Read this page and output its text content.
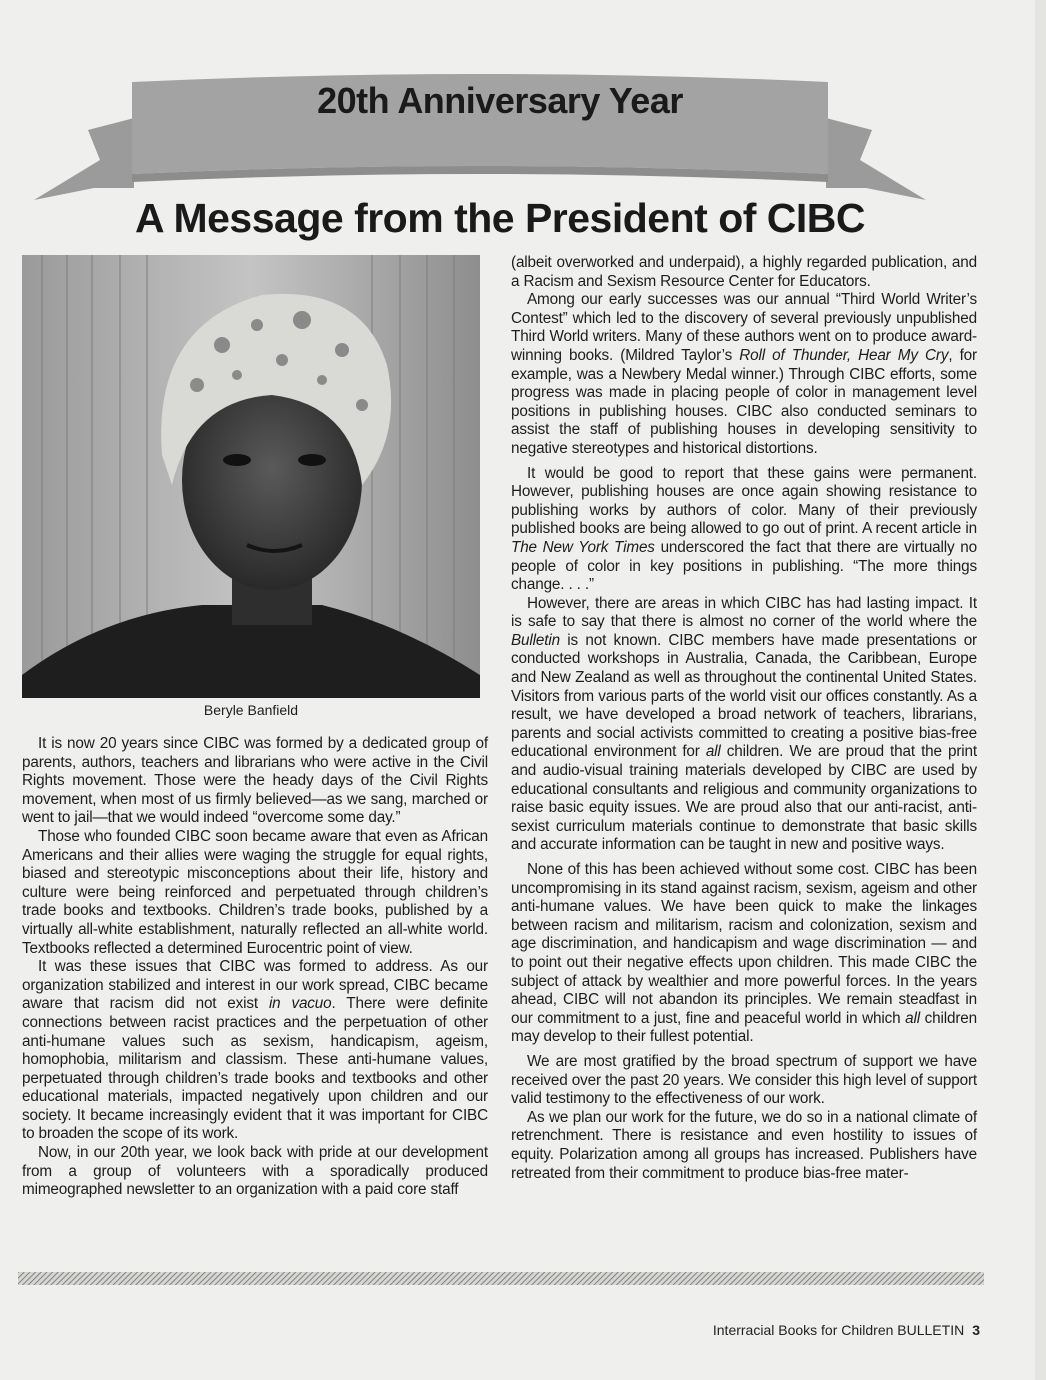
20th Anniversary Year
A Message from the President of CIBC
Beryle Banfield

It is now 20 years since CIBC was formed by a dedicated group of parents, authors, teachers and librarians who were active in the Civil Rights movement. Those were the heady days of the Civil Rights movement, when most of us firmly believed—as we sang, marched or went to jail—that we would indeed “overcome some day.”

Those who founded CIBC soon became aware that even as African Americans and their allies were waging the struggle for equal rights, biased and stereotypic misconceptions about their life, history and culture were being reinforced and perpetuated through children’s trade books and textbooks. Children’s trade books, published by a virtually all-white establishment, naturally reflected an all-white world. Textbooks reflected a determined Eurocentric point of view.

It was these issues that CIBC was formed to address. As our organization stabilized and interest in our work spread, CIBC became aware that racism did not exist in vacuo. There were definite connections between racist practices and the perpetuation of other anti-humane values such as sexism, handicapism, ageism, homophobia, militarism and classism. These anti-humane values, perpetuated through children’s trade books and textbooks and other educational materials, impacted negatively upon children and our society. It became increasingly evident that it was important for CIBC to broaden the scope of its work.

Now, in our 20th year, we look back with pride at our development from a group of volunteers with a sporadically produced mimeographed newsletter to an organization with a paid core staff

(albeit overworked and underpaid), a highly regarded publication, and a Racism and Sexism Resource Center for Educators.

Among our early successes was our annual “Third World Writer’s Contest” which led to the discovery of several previously unpublished Third World writers. Many of these authors went on to produce award-winning books. (Mildred Taylor’s Roll of Thunder, Hear My Cry, for example, was a Newbery Medal winner.) Through CIBC efforts, some progress was made in placing people of color in management level positions in publishing houses. CIBC also conducted seminars to assist the staff of publishing houses in developing sensitivity to negative stereotypes and historical distortions.

It would be good to report that these gains were permanent. However, publishing houses are once again showing resistance to publishing works by authors of color. Many of their previously published books are being allowed to go out of print. A recent article in The New York Times underscored the fact that there are virtually no people of color in key positions in publishing. “The more things change. . . .”

However, there are areas in which CIBC has had lasting impact. It is safe to say that there is almost no corner of the world where the Bulletin is not known. CIBC members have made presentations or conducted workshops in Australia, Canada, the Caribbean, Europe and New Zealand as well as throughout the continental United States. Visitors from various parts of the world visit our offices constantly. As a result, we have developed a broad network of teachers, librarians, parents and social activists committed to creating a positive bias-free educational environment for all children. We are proud that the print and audio-visual training materials developed by CIBC are used by educational consultants and religious and community organizations to raise basic equity issues. We are proud also that our anti-racist, anti-sexist curriculum materials continue to demonstrate that basic skills and accurate information can be taught in new and positive ways.

None of this has been achieved without some cost. CIBC has been uncompromising in its stand against racism, sexism, ageism and other anti-humane values. We have been quick to make the linkages between racism and militarism, racism and colonization, sexism and age discrimination, and handicapism and wage discrimination — and to point out their negative effects upon children. This made CIBC the subject of attack by wealthier and more powerful forces. In the years ahead, CIBC will not abandon its principles. We remain steadfast in our commitment to a just, fine and peaceful world in which all children may develop to their fullest potential.

We are most gratified by the broad spectrum of support we have received over the past 20 years. We consider this high level of support valid testimony to the effectiveness of our work.

As we plan our work for the future, we do so in a national climate of retrenchment. There is resistance and even hostility to issues of equity. Polarization among all groups has increased. Publishers have retreated from their commitment to produce bias-free mater-

Interracial Books for Children BULLETIN 3
